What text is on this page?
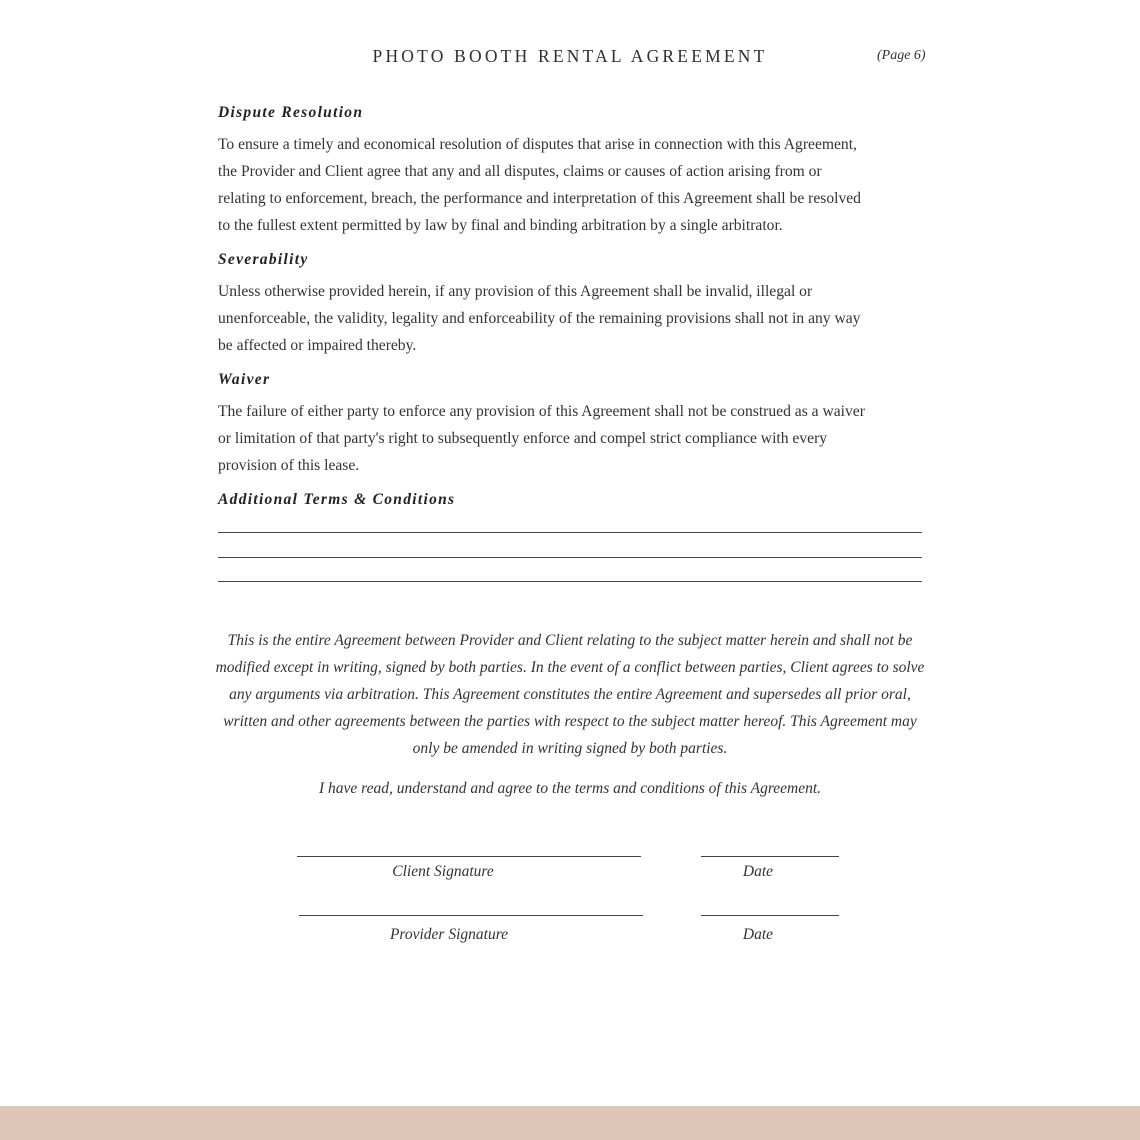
PHOTO BOOTH RENTAL AGREEMENT	(Page 6)
Dispute Resolution
To ensure a timely and economical resolution of disputes that arise in connection with this Agreement,
the Provider and Client agree that any and all disputes, claims or causes of action arising from or
relating to enforcement, breach, the performance and interpretation of this Agreement shall be resolved
to the fullest extent permitted by law by final and binding arbitration by a single arbitrator.
Severability
Unless otherwise provided herein, if any provision of this Agreement shall be invalid, illegal or
unenforceable, the validity, legality and enforceability of the remaining provisions shall not in any way
be affected or impaired thereby.
Waiver
The failure of either party to enforce any provision of this Agreement shall not be construed as a waiver
or limitation of that party's right to subsequently enforce and compel strict compliance with every
provision of this lease.
Additional Terms & Conditions
This is the entire Agreement between Provider and Client relating to the subject matter herein and shall not be
modified except in writing, signed by both parties. In the event of a conflict between parties, Client agrees to solve
any arguments via arbitration. This Agreement constitutes the entire Agreement and supersedes all prior oral,
written and other agreements between the parties with respect to the subject matter hereof. This Agreement may
only be amended in writing signed by both parties.
I have read, understand and agree to the terms and conditions of this Agreement.
Client Signature	Date
Provider Signature	Date
